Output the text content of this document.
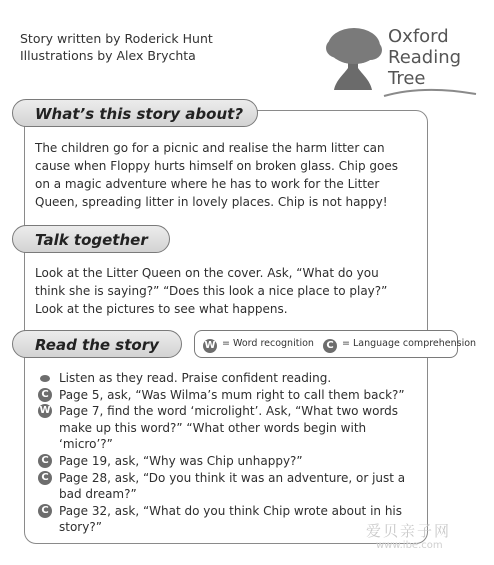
Story written by Roderick Hunt
Illustrations by Alex Brychta
Oxford
Reading
Tree
What’s this story about?
The children go for a picnic and realise the harm litter can cause when Floppy hurts himself on broken glass. Chip goes on a magic adventure where he has to work for the Litter Queen, spreading litter in lovely places. Chip is not happy!
Talk together
Look at the Litter Queen on the cover. Ask, “What do you think she is saying?” “Does this look a nice place to play?” Look at the pictures to see what happens.
Read the story	W = Word recognition C = Language comprehension
Listen as they read. Praise confident reading.
C Page 5, ask, “Was Wilma’s mum right to call them back?”
W Page 7, find the word ‘microlight’. Ask, “What two words make up this word?” “What other words begin with ‘micro’?”
C Page 19, ask, “Why was Chip unhappy?”
C Page 28, ask, “Do you think it was an adventure, or just a bad dream?”
C Page 32, ask, “What do you think Chip wrote about in his story?”	爱贝亲子网
www.ibe.com
